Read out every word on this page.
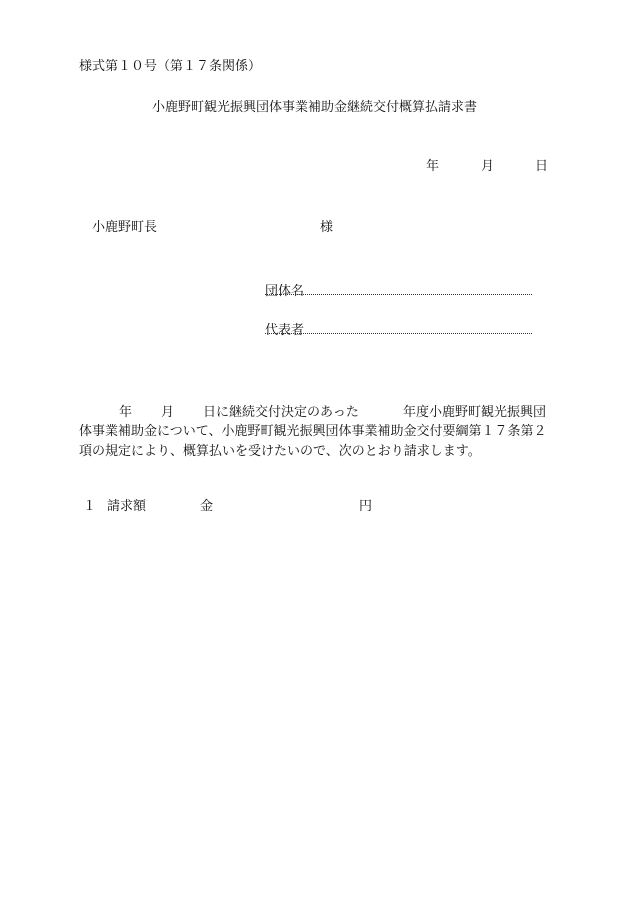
様式第１０号（第１７条関係）
小鹿野町観光振興団体事業補助金継続交付概算払請求書
年	月	日
小鹿野町長	様
団体名
代表者
年 月 日に継続交付決定のあった	年度小鹿野町観光振興団
体事業補助金について、小鹿野町観光振興団体事業補助金交付要綱第１７条第２
項の規定により、概算払いを受けたいので、次のとおり請求します。
１ 請求額	金	円
